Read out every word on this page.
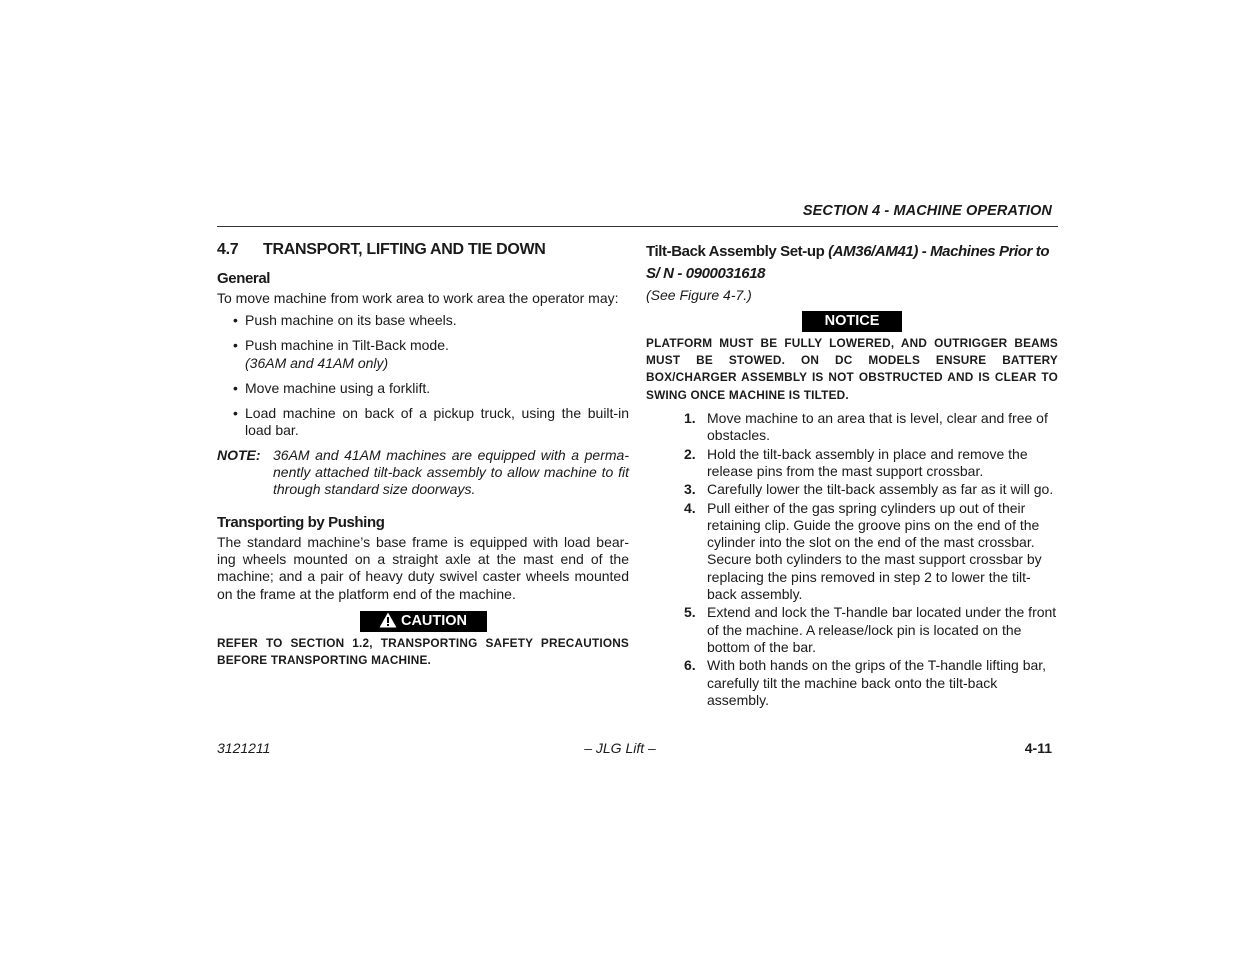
SECTION 4 - MACHINE OPERATION
4.7	TRANSPORT, LIFTING AND TIE DOWN
General

To move machine from work area to work area the operator may:

• Push machine on its base wheels.
• Push machine in Tilt-Back mode.
(36AM and 41AM only)
• Move machine using a forklift.
• Load machine on back of a pickup truck, using the built-in load bar.
NOTE: 36AM and 41AM machines are equipped with a perma-nently attached tilt-back assembly to allow machine to fit through standard size doorways.
Transporting by Pushing

The standard machine’s base frame is equipped with load bear-ing wheels mounted on a straight axle at the mast end of the machine; and a pair of heavy duty swivel caster wheels mounted on the frame at the platform end of the machine.

CAUTION
REFER TO SECTION 1.2, TRANSPORTING SAFETY PRECAUTIONS BEFORE TRANSPORTING MACHINE.
Tilt-Back Assembly Set-up (AM36/AM41) - Machines Prior to S/ N - 0900031618
(See Figure 4-7.)
NOTICE
PLATFORM MUST BE FULLY LOWERED, AND OUTRIGGER BEAMS MUST BE STOWED. ON DC MODELS ENSURE BATTERY BOX/CHARGER ASSEMBLY IS NOT OBSTRUCTED AND IS CLEAR TO SWING ONCE MACHINE IS TILTED.
1. Move machine to an area that is level, clear and free of obstacles.
2. Hold the tilt-back assembly in place and remove the release pins from the mast support crossbar.
3. Carefully lower the tilt-back assembly as far as it will go.
4. Pull either of the gas spring cylinders up out of their retaining clip. Guide the groove pins on the end of the cylinder into the slot on the end of the mast crossbar. Secure both cylinders to the mast support crossbar by replacing the pins removed in step 2 to lower the tilt-back assembly.
5. Extend and lock the T-handle bar located under the front of the machine. A release/lock pin is located on the bottom of the bar.
6. With both hands on the grips of the T-handle lifting bar, carefully tilt the machine back onto the tilt-back assembly.
3121211	– JLG Lift –	4-11
